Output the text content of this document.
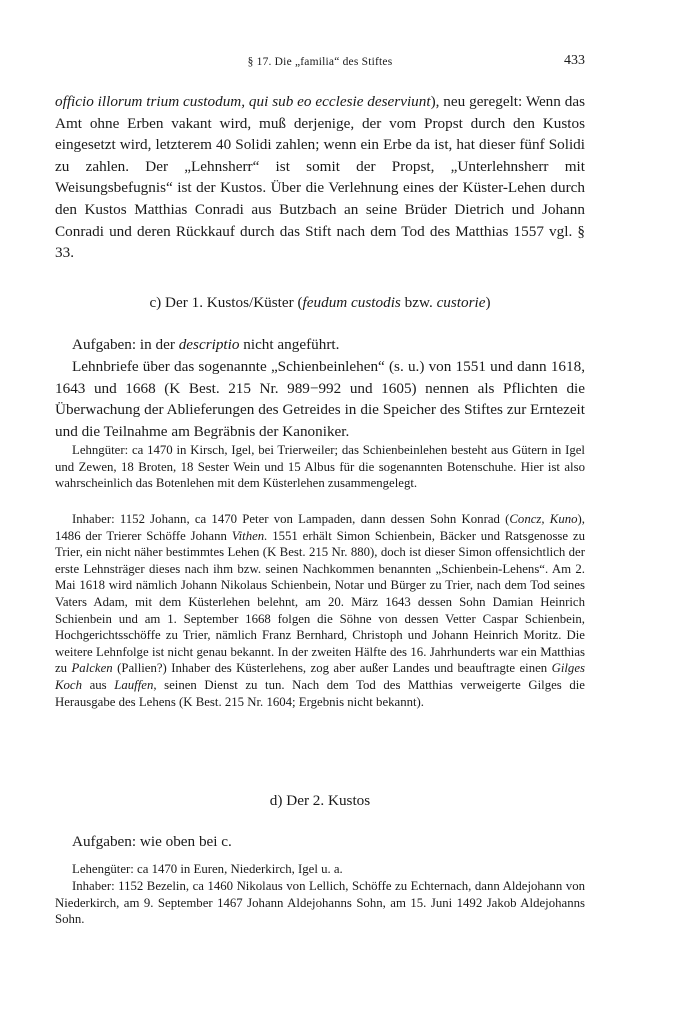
§ 17. Die „familia“ des Stiftes	433

officio illorum trium custodum, qui sub eo ecclesie deserviunt), neu geregelt: Wenn das Amt ohne Erben vakant wird, muß derjenige, der vom Propst durch den Kustos eingesetzt wird, letzterem 40 Solidi zahlen; wenn ein Erbe da ist, hat dieser fünf Solidi zu zahlen. Der „Lehnsherr“ ist somit der Propst, „Unterlehnsherr mit Weisungsbefugnis“ ist der Kustos. Über die Verlehnung eines der Küster-Lehen durch den Kustos Matthias Conradi aus Butzbach an seine Brüder Dietrich und Johann Conradi und deren Rückkauf durch das Stift nach dem Tod des Matthias 1557 vgl. § 33.

c) Der 1. Kustos/Küster (feudum custodis bzw. custorie)

Aufgaben: in der descriptio nicht angeführt.

Lehnbriefe über das sogenannte „Schienbeinlehen“ (s. u.) von 1551 und dann 1618, 1643 und 1668 (K Best. 215 Nr. 989−992 und 1605) nennen als Pflichten die Überwachung der Ablieferungen des Getreides in die Speicher des Stiftes zur Erntezeit und die Teilnahme am Begräbnis der Kanoniker.

Lehngüter: ca 1470 in Kirsch, Igel, bei Trierweiler; das Schienbeinlehen besteht aus Gütern in Igel und Zewen, 18 Broten, 18 Sester Wein und 15 Albus für die sogenannten Botenschuhe. Hier ist also wahrscheinlich das Botenlehen mit dem Küsterlehen zusammengelegt.

Inhaber: 1152 Johann, ca 1470 Peter von Lampaden, dann dessen Sohn Konrad (Concz, Kuno), 1486 der Trierer Schöffe Johann Vithen. 1551 erhält Simon Schienbein, Bäcker und Ratsgenosse zu Trier, ein nicht näher bestimmtes Lehen (K Best. 215 Nr. 880), doch ist dieser Simon offensichtlich der erste Lehnsträger dieses nach ihm bzw. seinen Nachkommen benannten „Schienbein-Lehens“. Am 2. Mai 1618 wird nämlich Johann Nikolaus Schienbein, Notar und Bürger zu Trier, nach dem Tod seines Vaters Adam, mit dem Küsterlehen belehnt, am 20. März 1643 dessen Sohn Damian Heinrich Schienbein und am 1. September 1668 folgen die Söhne von dessen Vetter Caspar Schienbein, Hochgerichtsschöffe zu Trier, nämlich Franz Bernhard, Christoph und Johann Heinrich Moritz. Die weitere Lehnfolge ist nicht genau bekannt. In der zweiten Hälfte des 16. Jahrhunderts war ein Matthias zu Palcken (Pallien?) Inhaber des Küsterlehens, zog aber außer Landes und beauftragte einen Gilges Koch aus Lauffen, seinen Dienst zu tun. Nach dem Tod des Matthias verweigerte Gilges die Herausgabe des Lehens (K Best. 215 Nr. 1604; Ergebnis nicht bekannt).

d) Der 2. Kustos

Aufgaben: wie oben bei c.

Lehengüter: ca 1470 in Euren, Niederkirch, Igel u. a.

Inhaber: 1152 Bezelin, ca 1460 Nikolaus von Lellich, Schöffe zu Echternach, dann Aldejohann von Niederkirch, am 9. September 1467 Johann Aldejohanns Sohn, am 15. Juni 1492 Jakob Aldejohanns Sohn.
